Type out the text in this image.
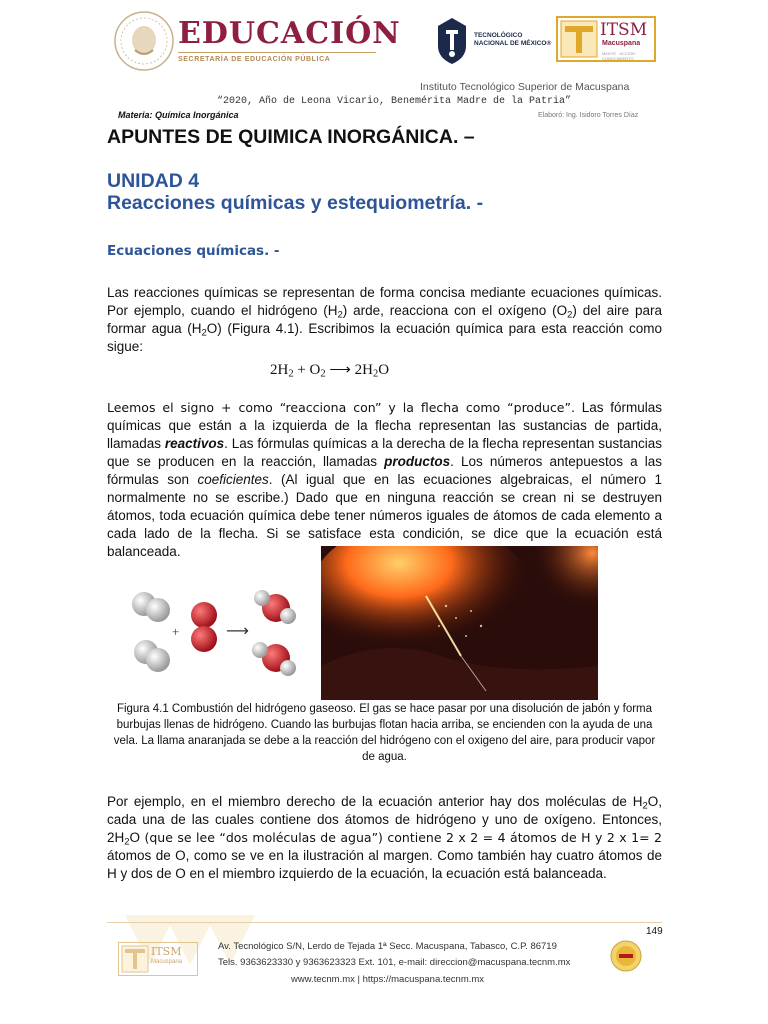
EDUCACIÓN
SECRETARÍA DE EDUCACIÓN PÚBLICA
TECNOLÓGICO
NACIONAL DE MÉXICO®
ITSM
Macuspana
MENTE · ACCIÓN · CONOCIMIENTO
Instituto Tecnológico Superior de Macuspana
“2020, Año de Leona Vicario, Benemérita Madre de la Patria”
Materia: Química Inorgánica	Elaboró: Ing. Isidoro Torres Díaz
APUNTES DE QUIMICA INORGÁNICA. –
UNIDAD 4
Reacciones químicas y estequiometría. -
Ecuaciones químicas. -

Las reacciones químicas se representan de forma concisa mediante ecuaciones químicas. Por ejemplo, cuando el hidrógeno $(H_2)$ arde, reacciona con el oxígeno $(O_2)$ del aire para formar agua $(H_2O)$ (Figura 4.1). Escribimos la ecuación química para esta reacción como sigue:

$2H_2 + O_2$ ⟶ $2H_2O$

Leemos el signo + como “reacciona con” y la flecha como “produce”. Las fórmulas químicas que están a la izquierda de la flecha representan las sustancias de partida, llamadas reactivos. Las fórmulas químicas a la derecha de la flecha representan sustancias que se producen en la reacción, llamadas productos. Los números antepuestos a las fórmulas son coeficientes. (Al igual que en las ecuaciones algebraicas, el número 1 normalmente no se escribe.) Dado que en ninguna reacción se crean ni se destruyen átomos, toda ecuación química debe tener números iguales de átomos de cada elemento a cada lado de la flecha. Si se satisface esta condición, se dice que la ecuación está balanceada.

+	⟶
Figura 4.1 Combustión del hidrógeno gaseoso. El gas se hace pasar por una disolución de jabón y forma burbujas llenas de hidrógeno. Cuando las burbujas flotan hacia arriba, se encienden con la ayuda de una vela. La llama anaranjada se debe a la reacción del hidrógeno con el oxigeno del aire, para producir vapor de agua.

Por ejemplo, en el miembro derecho de la ecuación anterior hay dos moléculas de $H_2O$, cada una de las cuales contiene dos átomos de hidrógeno y uno de oxígeno. Entonces, $2H_2O$ (que se lee “dos moléculas de agua”) contiene 2 x 2 = 4 átomos de H y 2 x 1= 2 átomos de O, como se ve en la ilustración al margen. Como también hay cuatro átomos de H y dos de O en el miembro izquierdo de la ecuación, la ecuación está balanceada.

149
ITSM
Macuspana
Av. Tecnológico S/N, Lerdo de Tejada 1ª Secc. Macuspana, Tabasco, C.P. 86719
Tels. 9363623330 y 9363623323 Ext. 101, e-mail: direccion@macuspana.tecnm.mx
www.tecnm.mx | https://macuspana.tecnm.mx
